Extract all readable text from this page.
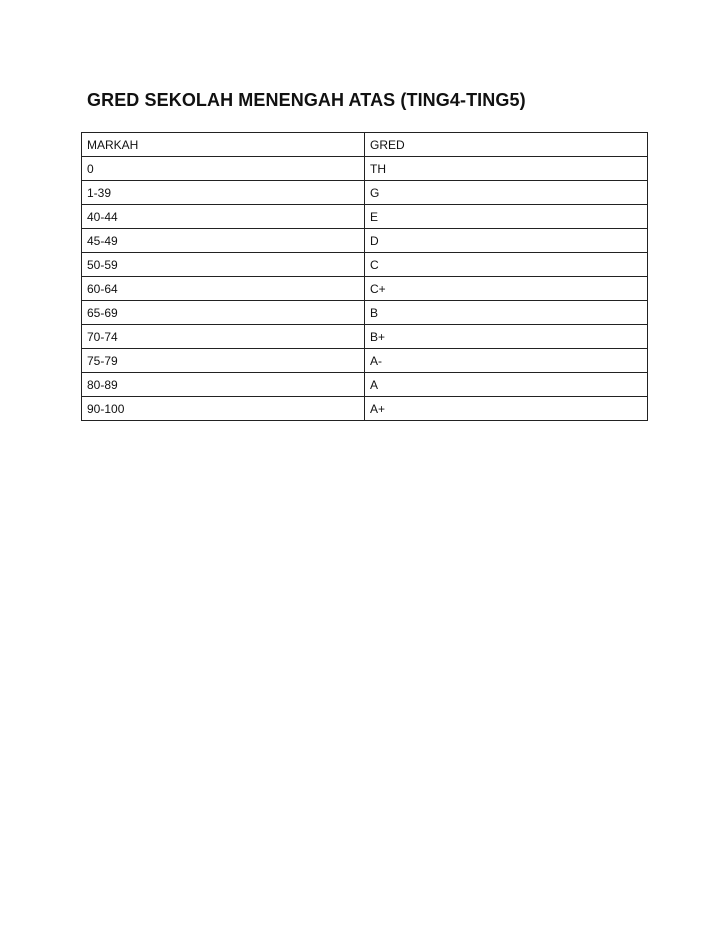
GRED SEKOLAH MENENGAH ATAS (TING4-TING5)
MARKAH	GRED
0	TH
1-39	G
40-44	E
45-49	D
50-59	C
60-64	C+
65-69	B
70-74	B+
75-79	A-
80-89	A
90-100	A+
